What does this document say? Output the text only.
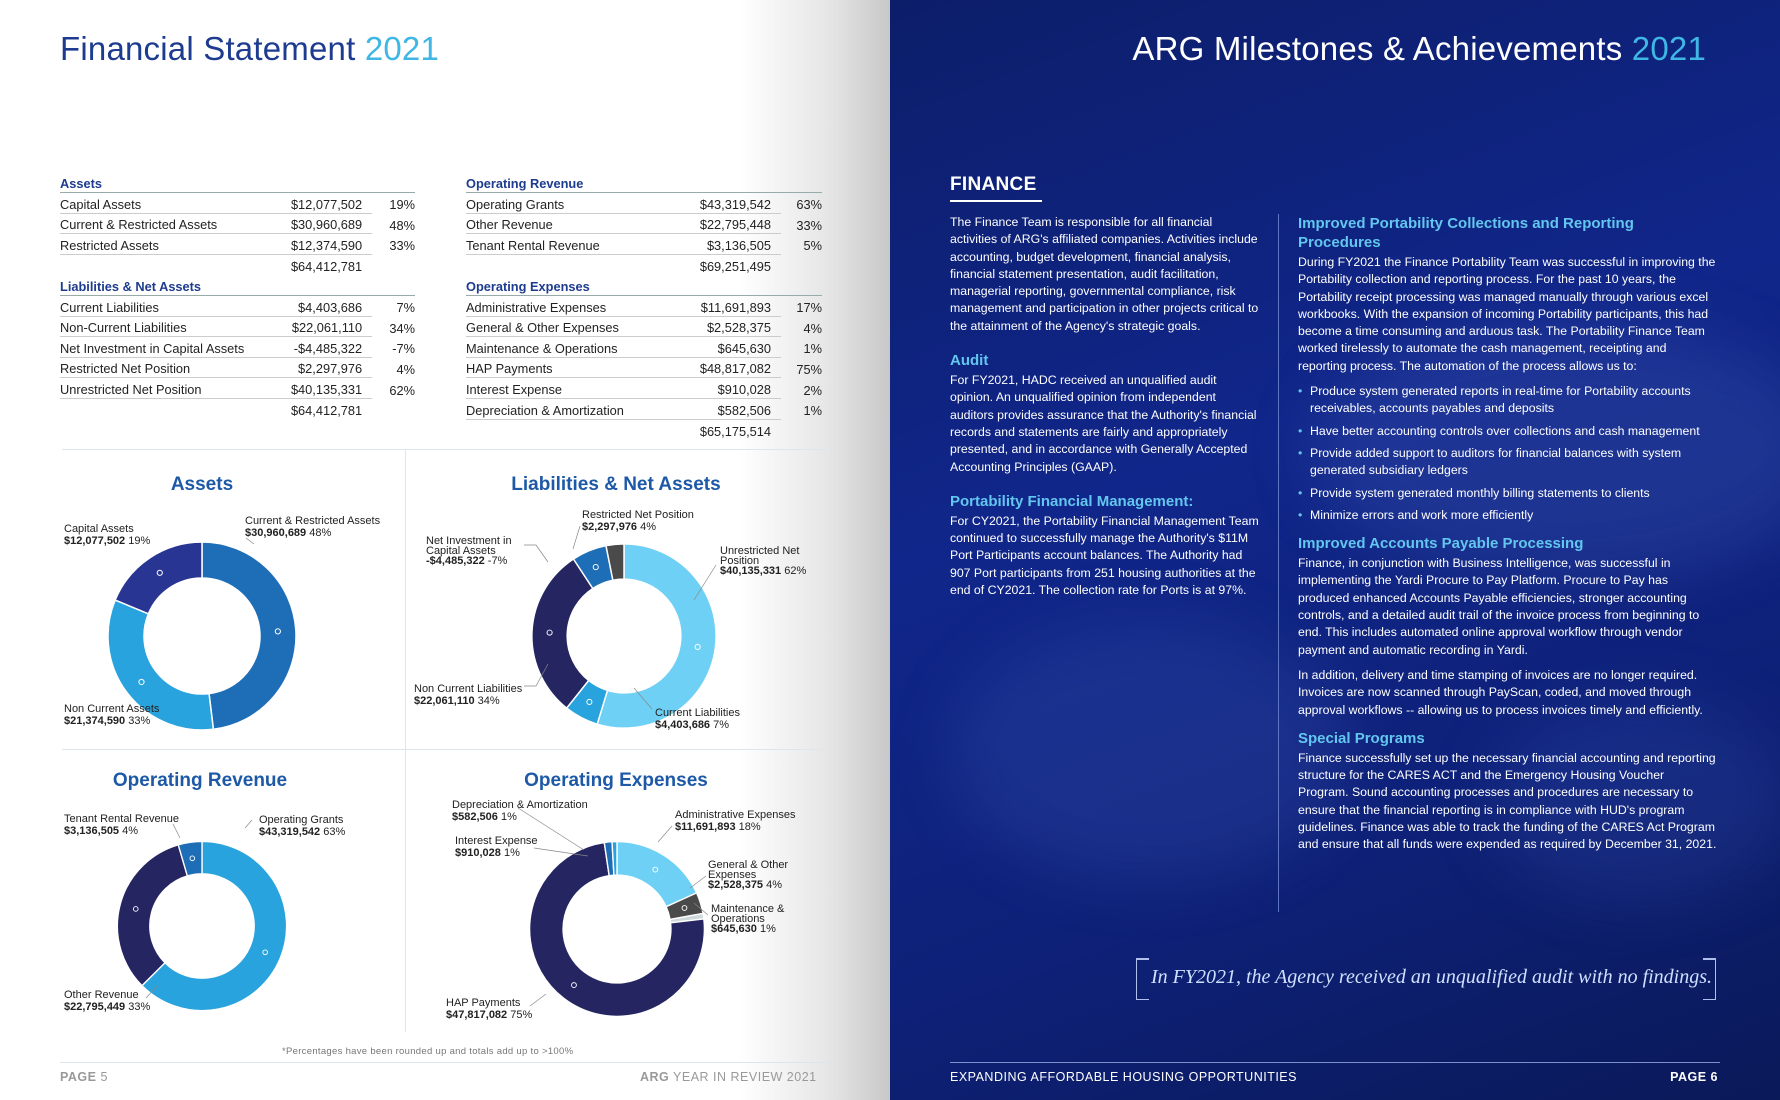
Financial Statement 2021
Assets		
Capital Assets	$12,077,502	19%
Current & Restricted Assets	$30,960,689	48%
Restricted Assets	$12,374,590	33%
	$64,412,781	
Liabilities & Net Assets		
Current Liabilities	$4,403,686	7%
Non-Current Liabilities	$22,061,110	34%
Net Investment in Capital Assets	-$4,485,322	-7%
Restricted Net Position	$2,297,976	4%
Unrestricted Net Position	$40,135,331	62%
	$64,412,781	
Operating Revenue		
Operating Grants	$43,319,542	63%
Other Revenue	$22,795,448	33%
Tenant Rental Revenue	$3,136,505	5%
	$69,251,495	
Operating Expenses		
Administrative Expenses	$11,691,893	17%
General & Other Expenses	$2,528,375	4%
Maintenance & Operations	$645,630	1%
HAP Payments	$48,817,082	75%
Interest Expense	$910,028	2%
Depreciation & Amortization	$582,506	1%
	$65,175,514	
Assets	Liabilities & Net Assets
Operating Revenue	Operating Expenses
Capital Assets
$12,077,502 19%
Current & Restricted Assets
$30,960,689 48%
Non Current Assets
$21,374,590 33%
Net Investment in
Capital Assets
-$4,485,322 -7%
Restricted Net Position
$2,297,976 4%
Unrestricted Net
Position
$40,135,331 62%
Non Current Liabilities
$22,061,110 34%
Current Liabilities
$4,403,686 7%
Tenant Rental Revenue
$3,136,505 4%
Operating Grants
$43,319,542 63%
Other Revenue
$22,795,449 33%
Depreciation & Amortization
$582,506 1%
Interest Expense
$910,028 1%
Administrative Expenses
$11,691,893 18%
General & Other
Expenses
$2,528,375 4%
Maintenance &
Operations
$645,630 1%
HAP Payments
$47,817,082 75%
*Percentages have been rounded up and totals add up to >100%
PAGE 5	ARG YEAR IN REVIEW 2021
ARG Milestones & Achievements 2021
FINANCE

The Finance Team is responsible for all financial activities of ARG's affiliated companies. Activities include accounting, budget development, financial analysis, financial statement presentation, audit facilitation, managerial reporting, governmental compliance, risk management and participation in other projects critical to the attainment of the Agency's strategic goals.

Audit

For FY2021, HADC received an unqualified audit opinion. An unqualified opinion from independent auditors provides assurance that the Authority's financial records and statements are fairly and appropriately presented, and in accordance with Generally Accepted Accounting Principles (GAAP).

Portability Financial Management:

For CY2021, the Portability Financial Management Team continued to successfully manage the Authority's $11M Port Participants account balances. The Authority had 907 Port participants from 251 housing authorities at the end of CY2021. The collection rate for Ports is at 97%.

Improved Portability Collections and Reporting Procedures

During FY2021 the Finance Portability Team was successful in improving the Portability collection and reporting process. For the past 10 years, the Portability receipt processing was managed manually through various excel workbooks. With the expansion of incoming Portability participants, this had become a time consuming and arduous task. The Portability Finance Team worked tirelessly to automate the cash management, receipting and reporting process. The automation of the process allows us to:

• Produce system generated reports in real-time for Portability accounts receivables, accounts payables and deposits
• Have better accounting controls over collections and cash management
• Provide added support to auditors for financial balances with system generated subsidiary ledgers
• Provide system generated monthly billing statements to clients
• Minimize errors and work more efficiently
Improved Accounts Payable Processing

Finance, in conjunction with Business Intelligence, was successful in implementing the Yardi Procure to Pay Platform. Procure to Pay has produced enhanced Accounts Payable efficiencies, stronger accounting controls, and a detailed audit trail of the invoice process from beginning to end. This includes automated online approval workflow through vendor payment and automatic recording in Yardi.

In addition, delivery and time stamping of invoices are no longer required. Invoices are now scanned through PayScan, coded, and moved through approval workflows -- allowing us to process invoices timely and efficiently.

Special Programs

Finance successfully set up the necessary financial accounting and reporting structure for the CARES ACT and the Emergency Housing Voucher Program. Sound accounting processes and procedures are necessary to ensure that the financial reporting is in compliance with HUD's program guidelines. Finance was able to track the funding of the CARES Act Program and ensure that all funds were expended as required by December 31, 2021.

In FY2021, the Agency received an unqualified audit with no findings.
EXPANDING AFFORDABLE HOUSING OPPORTUNITIES	PAGE 6
